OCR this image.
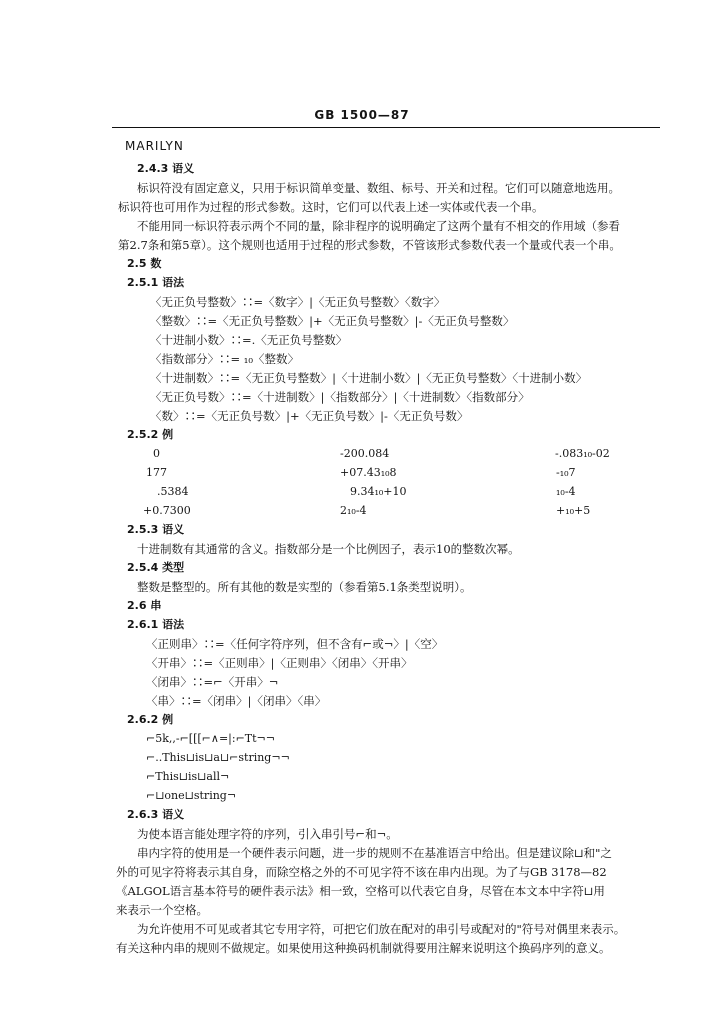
GB 1500—87
MARILYN
2.4.3 语义
标识符没有固定意义，只用于标识简单变量、数组、标号、开关和过程。它们可以随意地选用。
标识符也可用作为过程的形式参数。这时，它们可以代表上述一实体或代表一个串。
不能用同一标识符表示两个不同的量，除非程序的说明确定了这两个量有不相交的作用域（参看
第2.7条和第5章）。这个规则也适用于过程的形式参数，不管该形式参数代表一个量或代表一个串。
2.5 数
2.5.1 语法
〈无正负号整数〉∷=〈数字〉|〈无正负号整数〉〈数字〉
〈整数〉∷=〈无正负号整数〉|+〈无正负号整数〉|-〈无正负号整数〉
〈十进制小数〉∷=.〈无正负号整数〉
〈指数部分〉∷= ₁₀〈整数〉
〈十进制数〉∷=〈无正负号整数〉|〈十进制小数〉|〈无正负号整数〉〈十进制小数〉
〈无正负号数〉∷=〈十进制数〉|〈指数部分〉|〈十进制数〉〈指数部分〉
〈数〉∷=〈无正负号数〉|+〈无正负号数〉|-〈无正负号数〉
2.5.2 例
0
177
.5384
+0.7300
-200.084
+07.43₁₀8
9.34₁₀+10
2₁₀-4
-.083₁₀-02
-₁₀7
₁₀-4
+₁₀+5
2.5.3 语义
十进制数有其通常的含义。指数部分是一个比例因子，表示10的整数次幂。
2.5.4 类型
整数是整型的。所有其他的数是实型的（参看第5.1条类型说明）。
2.6 串
2.6.1 语法
〈正则串〉∷=〈任何字符序列，但不含有⌐或¬〉|〈空〉
〈开串〉∷=〈正则串〉|〈正则串〉〈闭串〉〈开串〉
〈闭串〉∷=⌐〈开串〉¬
〈串〉∷=〈闭串〉|〈闭串〉〈串〉
2.6.2 例
⌐5k,,-⌐[[[⌐∧=|:⌐Tt¬¬
⌐..This⊔is⊔a⊔⌐string¬¬
⌐This⊔is⊔all¬
⌐⊔one⊔string¬
2.6.3 语义
为使本语言能处理字符的序列，引入串引号⌐和¬。
串内字符的使用是一个硬件表示问题，进一步的规则不在基准语言中给出。但是建议除⊔和"之
外的可见字符将表示其自身，而除空格之外的不可见字符不该在串内出现。为了与GB 3178—82
《ALGOL语言基本符号的硬件表示法》相一致，空格可以代表它自身，尽管在本文本中字符⊔用
来表示一个空格。
为允许使用不可见或者其它专用字符，可把它们放在配对的串引号或配对的"符号对偶里来表示。
有关这种内串的规则不做规定。如果使用这种换码机制就得要用注解来说明这个换码序列的意义。
